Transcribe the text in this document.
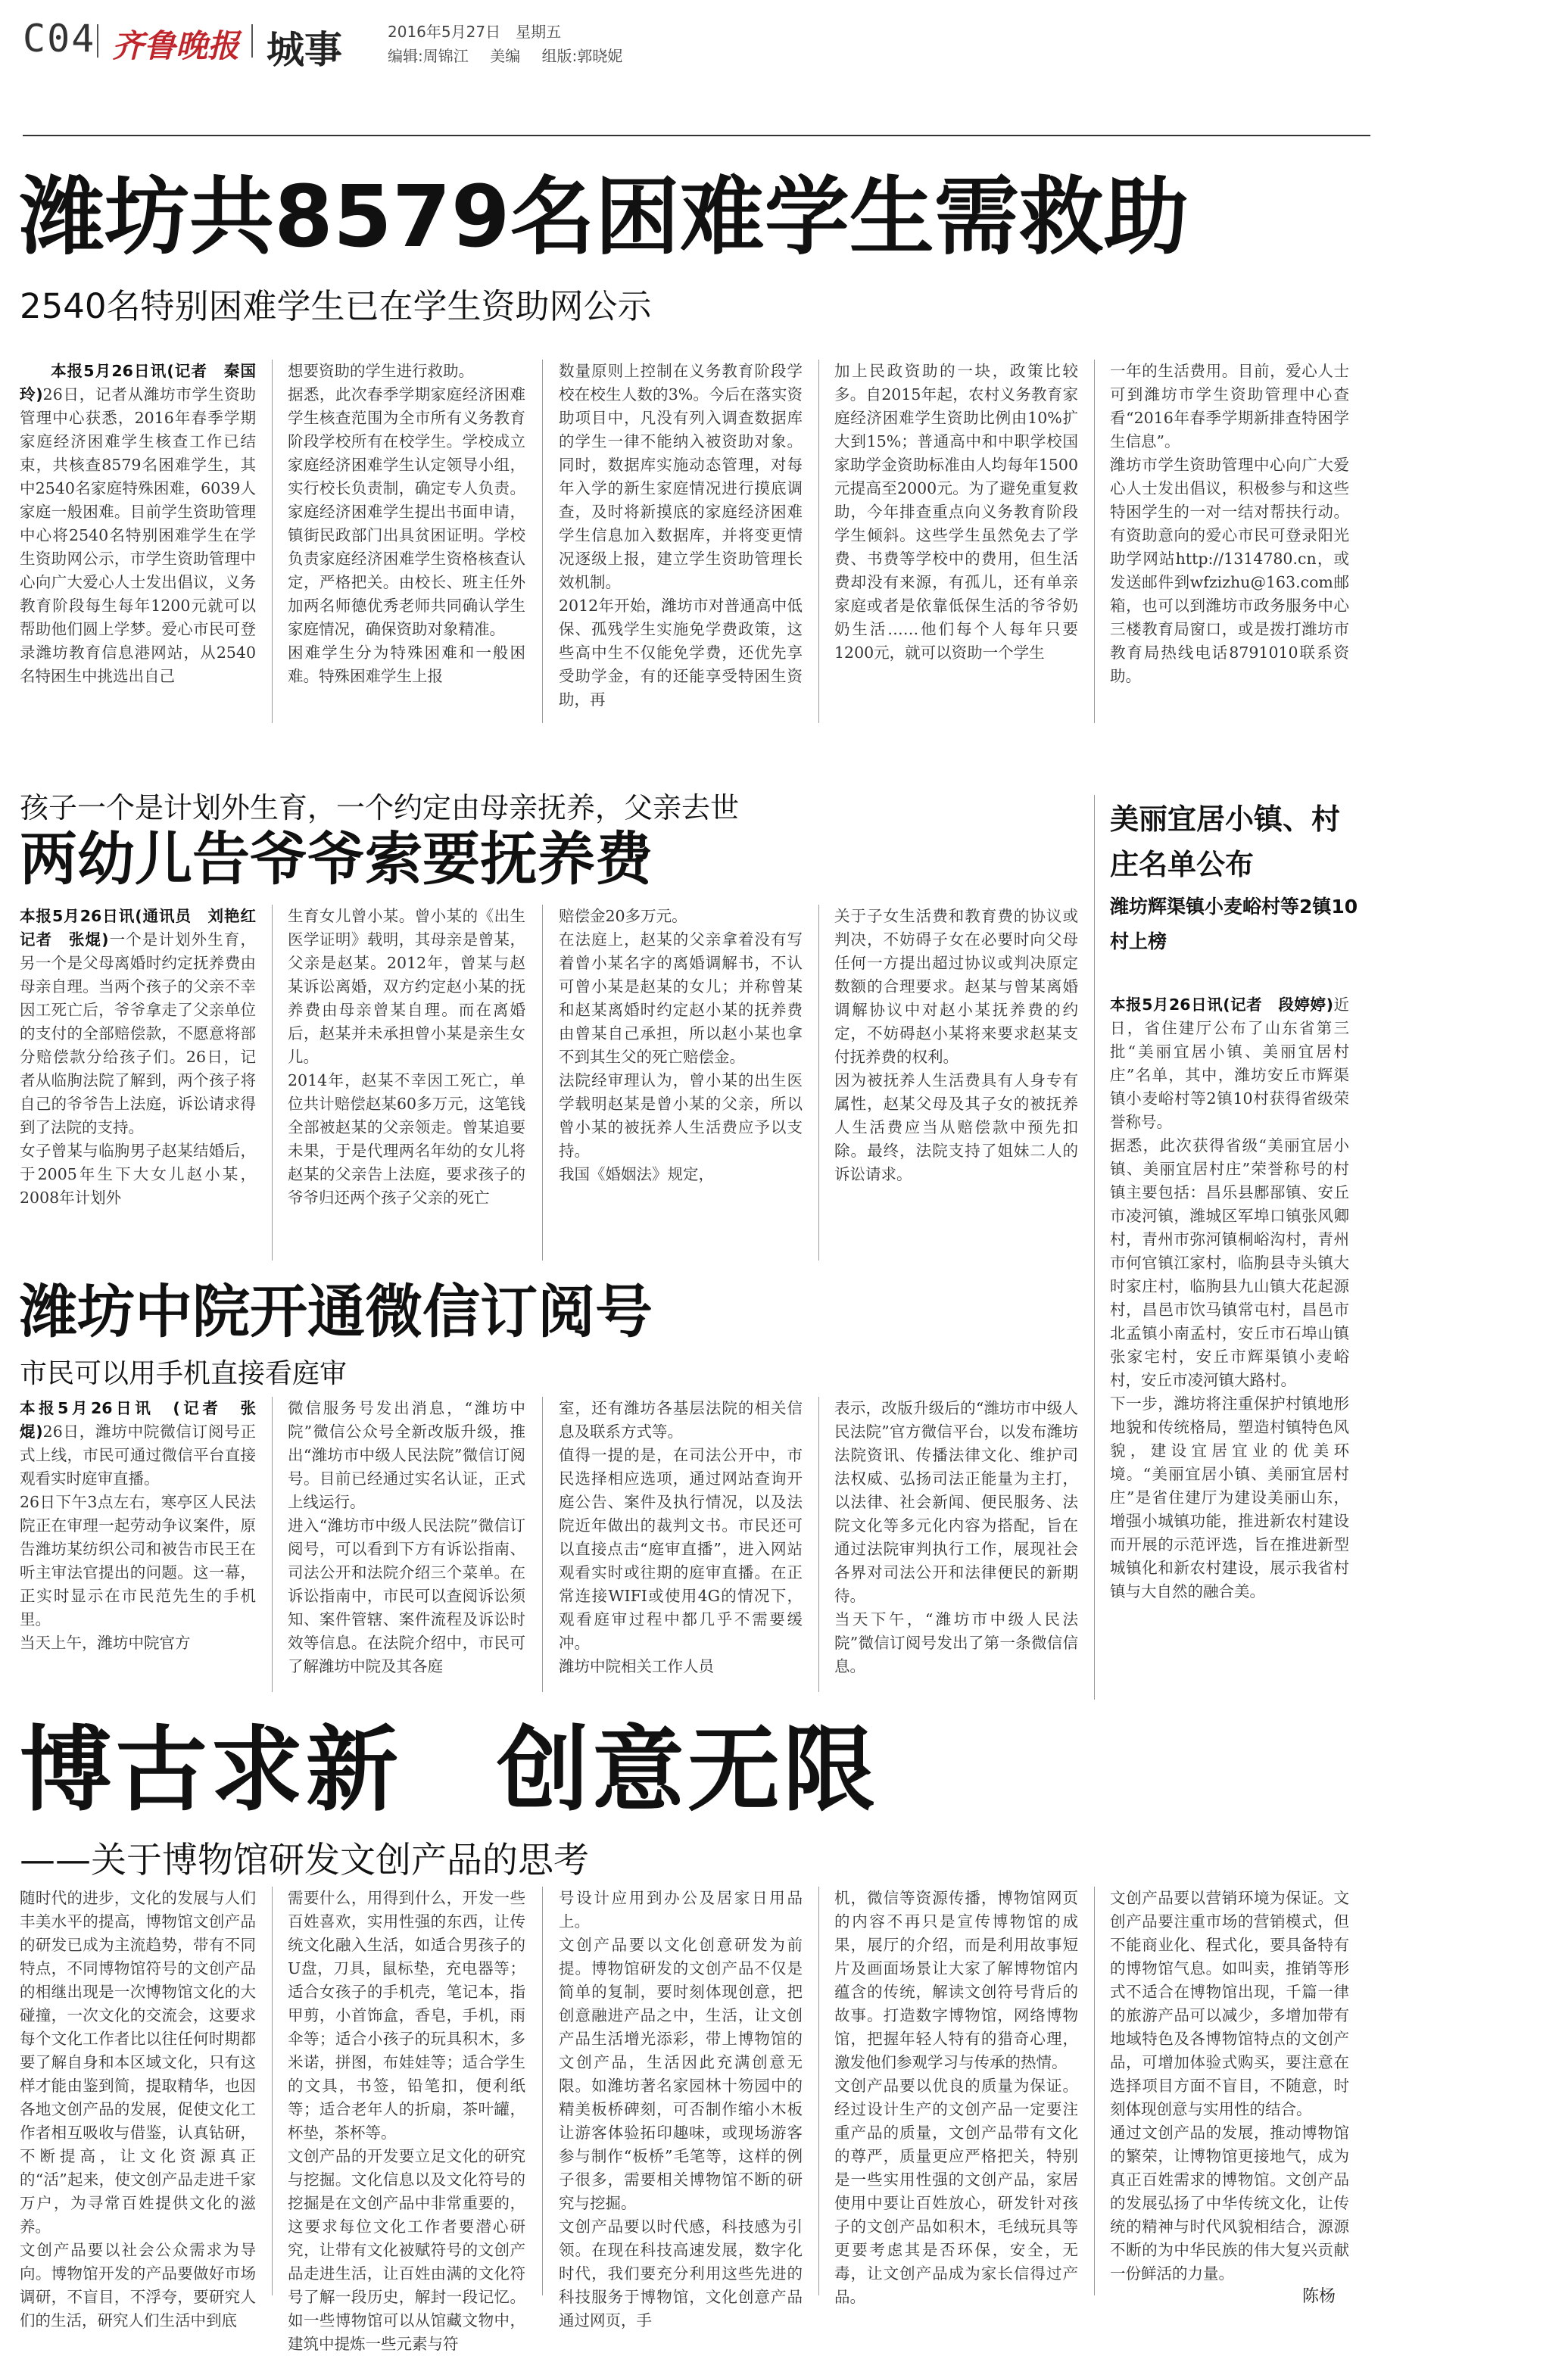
C04 齐鲁晚报 城事	2016年5月27日　星期五
编辑:周锦江 美编 组版:郭晓妮
潍坊共8579名困难学生需救助
2540名特别困难学生已在学生资助网公示

本报5月26日讯(记者　秦国玲)26日，记者从潍坊市学生资助管理中心获悉，2016年春季学期家庭经济困难学生核查工作已结束，共核查8579名困难学生，其中2540名家庭特殊困难，6039人家庭一般困难。目前学生资助管理中心将2540名特别困难学生在学生资助网公示，市学生资助管理中心向广大爱心人士发出倡议，义务教育阶段每生每年1200元就可以帮助他们圆上学梦。爱心市民可登录潍坊教育信息港网站，从2540名特困生中挑选出自己

想要资助的学生进行救助。
据悉，此次春季学期家庭经济困难学生核查范围为全市所有义务教育阶段学校所有在校学生。学校成立家庭经济困难学生认定领导小组，实行校长负责制，确定专人负责。家庭经济困难学生提出书面申请，镇街民政部门出具贫困证明。学校负责家庭经济困难学生资格核查认定，严格把关。由校长、班主任外加两名师德优秀老师共同确认学生家庭情况，确保资助对象精准。
困难学生分为特殊困难和一般困难。特殊困难学生上报
数量原则上控制在义务教育阶段学校在校生人数的3%。今后在落实资助项目中，凡没有列入调查数据库的学生一律不能纳入被资助对象。同时，数据库实施动态管理，对每年入学的新生家庭情况进行摸底调查，及时将新摸底的家庭经济困难学生信息加入数据库，并将变更情况逐级上报，建立学生资助管理长效机制。
2012年开始，潍坊市对普通高中低保、孤残学生实施免学费政策，这些高中生不仅能免学费，还优先享受助学金，有的还能享受特困生资助，再
加上民政资助的一块，政策比较多。自2015年起，农村义务教育家庭经济困难学生资助比例由10%扩大到15%；普通高中和中职学校国家助学金资助标准由人均每年1500元提高至2000元。为了避免重复救助，今年排查重点向义务教育阶段学生倾斜。这些学生虽然免去了学费、书费等学校中的费用，但生活费却没有来源，有孤儿，还有单亲家庭或者是依靠低保生活的爷爷奶奶生活……他们每个人每年只要1200元，就可以资助一个学生
一年的生活费用。目前，爱心人士可到潍坊市学生资助管理中心查看“2016年春季学期新排查特困学生信息”。
潍坊市学生资助管理中心向广大爱心人士发出倡议，积极参与和这些特困学生的一对一结对帮扶行动。有资助意向的爱心市民可登录阳光助学网站http://1314780.cn，或发送邮件到wfzizhu@163.com邮箱，也可以到潍坊市政务服务中心三楼教育局窗口，或是拨打潍坊市教育局热线电话8791010联系资助。
孩子一个是计划外生育，一个约定由母亲抚养，父亲去世
两幼儿告爷爷索要抚养费
本报5月26日讯(通讯员　刘艳红　记者　张焜)一个是计划外生育，另一个是父母离婚时约定抚养费由母亲自理。当两个孩子的父亲不幸因工死亡后，爷爷拿走了父亲单位的支付的全部赔偿款，不愿意将部分赔偿款分给孩子们。26日，记者从临朐法院了解到，两个孩子将自己的爷爷告上法庭，诉讼请求得到了法院的支持。
女子曾某与临朐男子赵某结婚后，于2005年生下大女儿赵小某，2008年计划外
生育女儿曾小某。曾小某的《出生医学证明》载明，其母亲是曾某，父亲是赵某。2012年，曾某与赵某诉讼离婚，双方约定赵小某的抚养费由母亲曾某自理。而在离婚后，赵某并未承担曾小某是亲生女儿。
2014年，赵某不幸因工死亡，单位共计赔偿赵某60多万元，这笔钱全部被赵某的父亲领走。曾某追要未果，于是代理两名年幼的女儿将赵某的父亲告上法庭，要求孩子的爷爷归还两个孩子父亲的死亡
赔偿金20多万元。
在法庭上，赵某的父亲拿着没有写着曾小某名字的离婚调解书，不认可曾小某是赵某的女儿；并称曾某和赵某离婚时约定赵小某的抚养费由曾某自己承担，所以赵小某也拿不到其生父的死亡赔偿金。
法院经审理认为，曾小某的出生医学载明赵某是曾小某的父亲，所以曾小某的被抚养人生活费应予以支持。
我国《婚姻法》规定，
关于子女生活费和教育费的协议或判决，不妨碍子女在必要时向父母任何一方提出超过协议或判决原定数额的合理要求。赵某与曾某离婚调解协议中对赵小某抚养费的约定，不妨碍赵小某将来要求赵某支付抚养费的权利。
因为被抚养人生活费具有人身专有属性，赵某父母及其子女的被抚养人生活费应当从赔偿款中预先扣除。最终，法院支持了姐妹二人的诉讼请求。
美丽宜居小镇、村庄名单公布
潍坊辉渠镇小麦峪村等2镇10村上榜
本报5月26日讯(记者　段婷婷)近日，省住建厅公布了山东省第三批“美丽宜居小镇、美丽宜居村庄”名单，其中，潍坊安丘市辉渠镇小麦峪村等2镇10村获得省级荣誉称号。
据悉，此次获得省级“美丽宜居小镇、美丽宜居村庄”荣誉称号的村镇主要包括：昌乐县鄌郚镇、安丘市凌河镇，潍城区军埠口镇张风卿村，青州市弥河镇桐峪沟村，青州市何官镇江家村，临朐县寺头镇大时家庄村，临朐县九山镇大花起源村，昌邑市饮马镇常屯村，昌邑市北孟镇小南孟村，安丘市石埠山镇张家宅村，安丘市辉渠镇小麦峪村，安丘市凌河镇大路村。
下一步，潍坊将注重保护村镇地形地貌和传统格局，塑造村镇特色风貌，建设宜居宜业的优美环境。“美丽宜居小镇、美丽宜居村庄”是省住建厅为建设美丽山东，增强小城镇功能，推进新农村建设而开展的示范评选，旨在推进新型城镇化和新农村建设，展示我省村镇与大自然的融合美。
潍坊中院开通微信订阅号
市民可以用手机直接看庭审
本报5月26日讯　(记者　张焜)26日，潍坊中院微信订阅号正式上线，市民可通过微信平台直接观看实时庭审直播。
26日下午3点左右，寒亭区人民法院正在审理一起劳动争议案件，原告潍坊某纺织公司和被告市民王在听主审法官提出的问题。这一幕，正实时显示在市民范先生的手机里。
当天上午，潍坊中院官方
微信服务号发出消息，“潍坊中院”微信公众号全新改版升级，推出“潍坊市中级人民法院”微信订阅号。目前已经通过实名认证，正式上线运行。
进入“潍坊市中级人民法院”微信订阅号，可以看到下方有诉讼指南、司法公开和法院介绍三个菜单。在诉讼指南中，市民可以查阅诉讼须知、案件管辖、案件流程及诉讼时效等信息。在法院介绍中，市民可了解潍坊中院及其各庭
室，还有潍坊各基层法院的相关信息及联系方式等。
值得一提的是，在司法公开中，市民选择相应选项，通过网站查询开庭公告、案件及执行情况，以及法院近年做出的裁判文书。市民还可以直接点击“庭审直播”，进入网站观看实时或往期的庭审直播。在正常连接WIFI或使用4G的情况下，观看庭审过程中都几乎不需要缓冲。
潍坊中院相关工作人员
表示，改版升级后的“潍坊市中级人民法院”官方微信平台，以发布潍坊法院资讯、传播法律文化、维护司法权威、弘扬司法正能量为主打，以法律、社会新闻、便民服务、法院文化等多元化内容为搭配，旨在通过法院审判执行工作，展现社会各界对司法公开和法律便民的新期待。
当天下午，“潍坊市中级人民法院”微信订阅号发出了第一条微信信息。
博古求新　创意无限
——关于博物馆研发文创产品的思考
随时代的进步，文化的发展与人们丰美水平的提高，博物馆文创产品的研发已成为主流趋势，带有不同特点，不同博物馆符号的文创产品的相继出现是一次博物馆文化的大碰撞，一次文化的交流会，这要求每个文化工作者比以往任何时期都要了解自身和本区域文化，只有这样才能由鉴到简，提取精华，也因各地文创产品的发展，促使文化工作者相互吸收与借鉴，认真钻研，不断提高，让文化资源真正的“活”起来，使文创产品走进千家万户，为寻常百姓提供文化的滋养。
文创产品要以社会公众需求为导向。博物馆开发的产品要做好市场调研，不盲目，不浮夸，要研究人们的生活，研究人们生活中到底
需要什么，用得到什么，开发一些百姓喜欢，实用性强的东西，让传统文化融入生活，如适合男孩子的U盘，刀具，鼠标垫，充电器等；适合女孩子的手机壳，笔记本，指甲剪，小首饰盒，香皂，手机，雨伞等；适合小孩子的玩具积木，多米诺，拼图，布娃娃等；适合学生的文具，书签，铅笔扣，便利纸等；适合老年人的折扇，茶叶罐，杯垫，茶杯等。
文创产品的开发要立足文化的研究与挖掘。文化信息以及文化符号的挖掘是在文创产品中非常重要的，这要求每位文化工作者要潜心研究，让带有文化被赋符号的文创产品走进生活，让百姓由满的文化符号了解一段历史，解封一段记忆。如一些博物馆可以从馆藏文物中，建筑中提炼一些元素与符
号设计应用到办公及居家日用品上。
文创产品要以文化创意研发为前提。博物馆研发的文创产品不仅是简单的复制，要时刻体现创意，把创意融进产品之中，生活，让文创产品生活增光添彩，带上博物馆的文创产品，生活因此充满创意无限。如潍坊著名家园林十笏园中的精美板桥碑刻，可否制作缩小木板让游客体验拓印趣味，或现场游客参与制作“板桥”毛笔等，这样的例子很多，需要相关博物馆不断的研究与挖掘。
文创产品要以时代感，科技感为引领。在现在科技高速发展，数字化时代，我们要充分利用这些先进的科技服务于博物馆，文化创意产品通过网页，手
机，微信等资源传播，博物馆网页的内容不再只是宣传博物馆的成果，展厅的介绍，而是利用故事短片及画面场景让大家了解博物馆内蕴含的传统，解读文创符号背后的故事。打造数字博物馆，网络博物馆，把握年轻人特有的猎奇心理，激发他们参观学习与传承的热情。
文创产品要以优良的质量为保证。经过设计生产的文创产品一定要注重产品的质量，文创产品带有文化的尊严，质量更应严格把关，特别是一些实用性强的文创产品，家居使用中要让百姓放心，研发针对孩子的文创产品如积木，毛绒玩具等更要考虑其是否环保，安全，无毒，让文创产品成为家长信得过产品。
文创产品要以营销环境为保证。文创产品要注重市场的营销模式，但不能商业化、程式化，要具备特有的博物馆气息。如叫卖，推销等形式不适合在博物馆出现，千篇一律的旅游产品可以减少，多增加带有地域特色及各博物馆特点的文创产品，可增加体验式购买，要注意在选择项目方面不盲目，不随意，时刻体现创意与实用性的结合。
通过文创产品的发展，推动博物馆的繁荣，让博物馆更接地气，成为真正百姓需求的博物馆。文创产品的发展弘扬了中华传统文化，让传统的精神与时代风貌相结合，源源不断的为中华民族的伟大复兴贡献一份鲜活的力量。
陈杨
